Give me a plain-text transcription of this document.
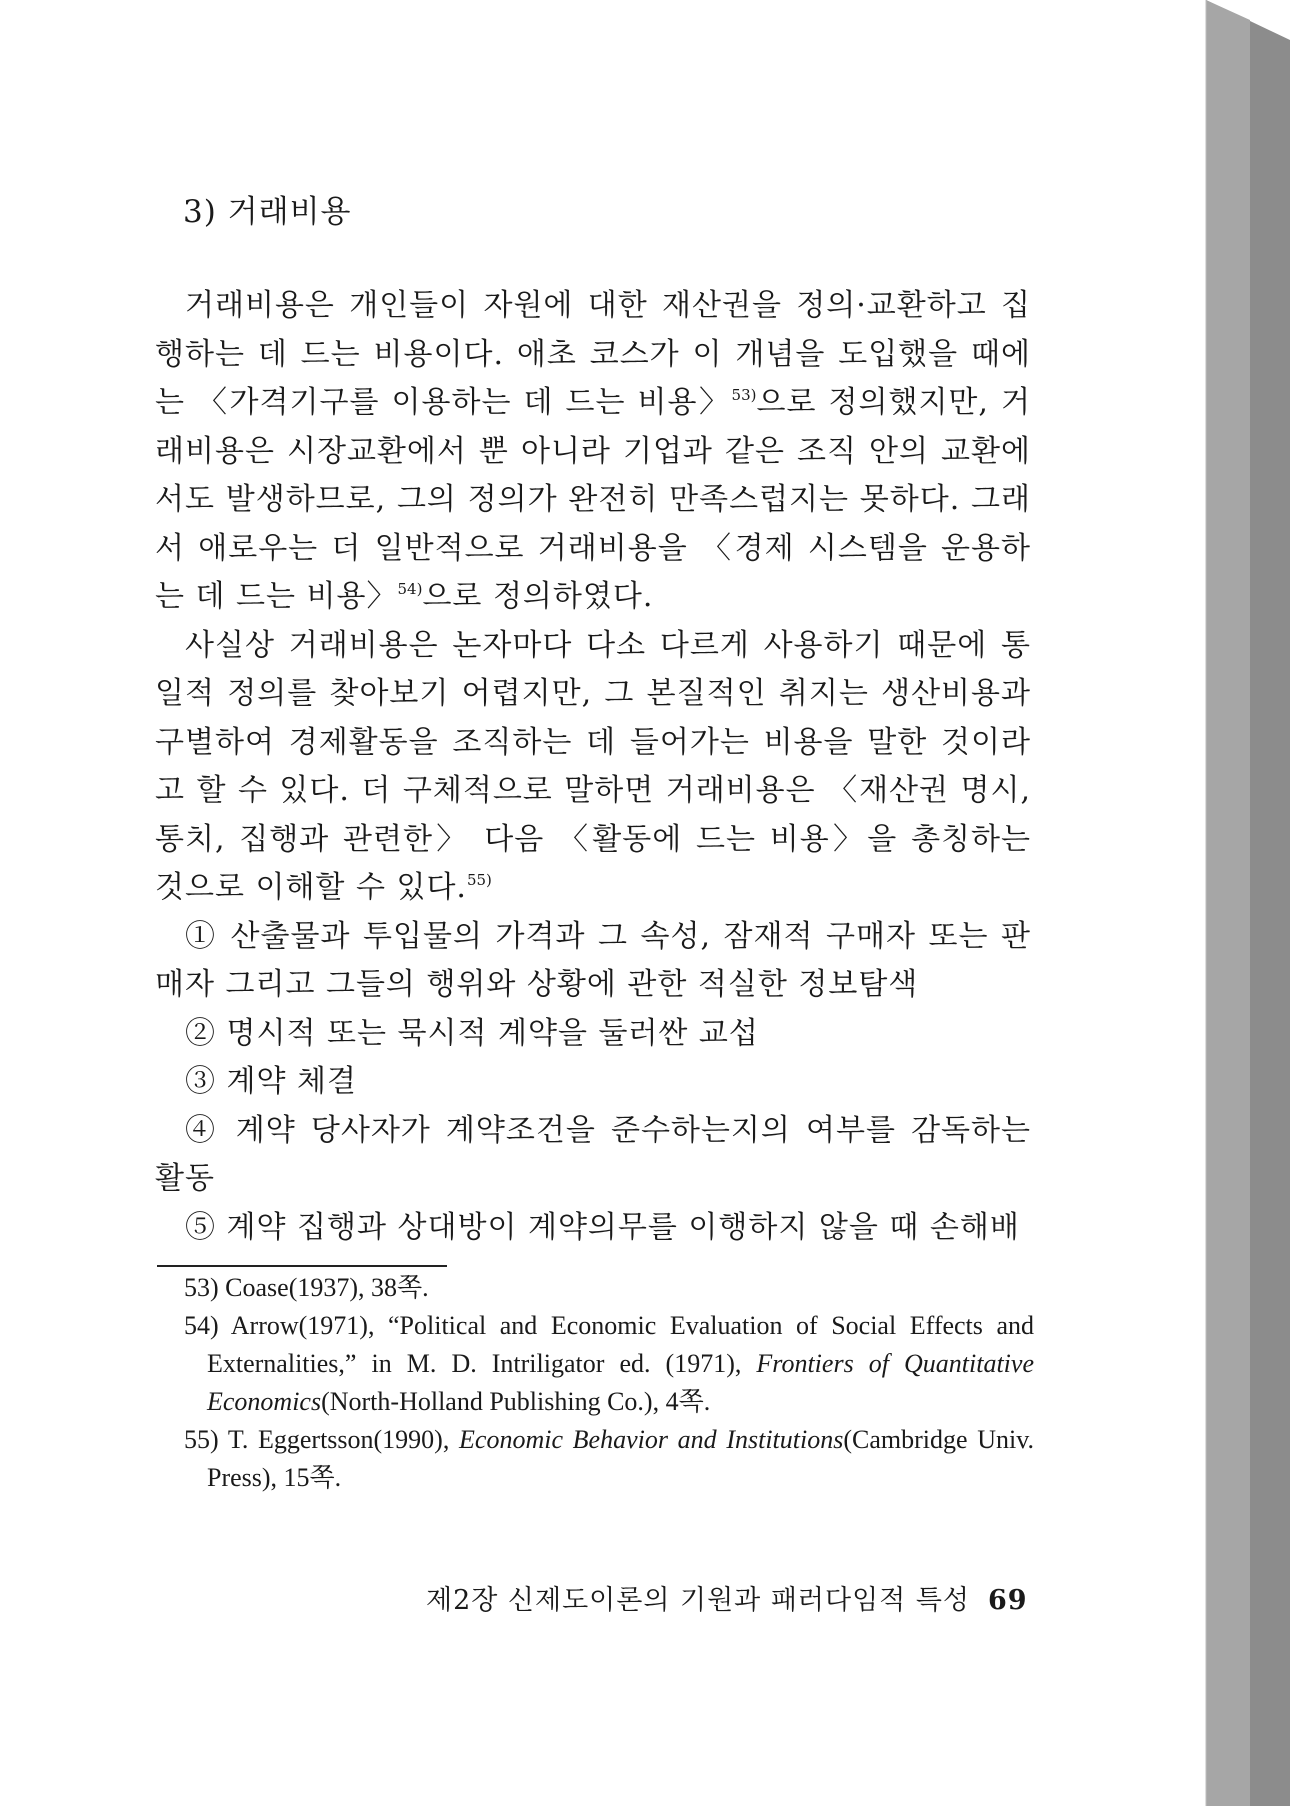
3) 거래비용

거래비용은 개인들이 자원에 대한 재산권을 정의·교환하고 집행하는 데 드는 비용이다. 애초 코스가 이 개념을 도입했을 때에는 〈가격기구를 이용하는 데 드는 비용〉$^{53)}$으로 정의했지만, 거래비용은 시장교환에서 뿐 아니라 기업과 같은 조직 안의 교환에서도 발생하므로, 그의 정의가 완전히 만족스럽지는 못하다. 그래서 애로우는 더 일반적으로 거래비용을 〈경제 시스템을 운용하는 데 드는 비용〉$^{54)}$으로 정의하였다.

사실상 거래비용은 논자마다 다소 다르게 사용하기 때문에 통일적 정의를 찾아보기 어렵지만, 그 본질적인 취지는 생산비용과 구별하여 경제활동을 조직하는 데 들어가는 비용을 말한 것이라고 할 수 있다. 더 구체적으로 말하면 거래비용은 〈재산권 명시, 통치, 집행과 관련한〉 다음 〈활동에 드는 비용〉을 총칭하는 것으로 이해할 수 있다.$^{55)}$

① 산출물과 투입물의 가격과 그 속성, 잠재적 구매자 또는 판매자 그리고 그들의 행위와 상황에 관한 적실한 정보탐색

② 명시적 또는 묵시적 계약을 둘러싼 교섭

③ 계약 체결

④ 계약 당사자가 계약조건을 준수하는지의 여부를 감독하는 활동

⑤ 계약 집행과 상대방이 계약의무를 이행하지 않을 때 손해배

53) Coase(1937), 38쪽.

54) Arrow(1971), “Political and Economic Evaluation of Social Effects and Externalities,” in M. D. Intriligator ed. (1971), Frontiers of Quantitative Economics(North-Holland Publishing Co.), 4쪽.

55) T. Eggertsson(1990), Economic Behavior and Institutions(Cambridge Univ. Press), 15쪽.

제2장 신제도이론의 기원과 패러다임적 특성 69
